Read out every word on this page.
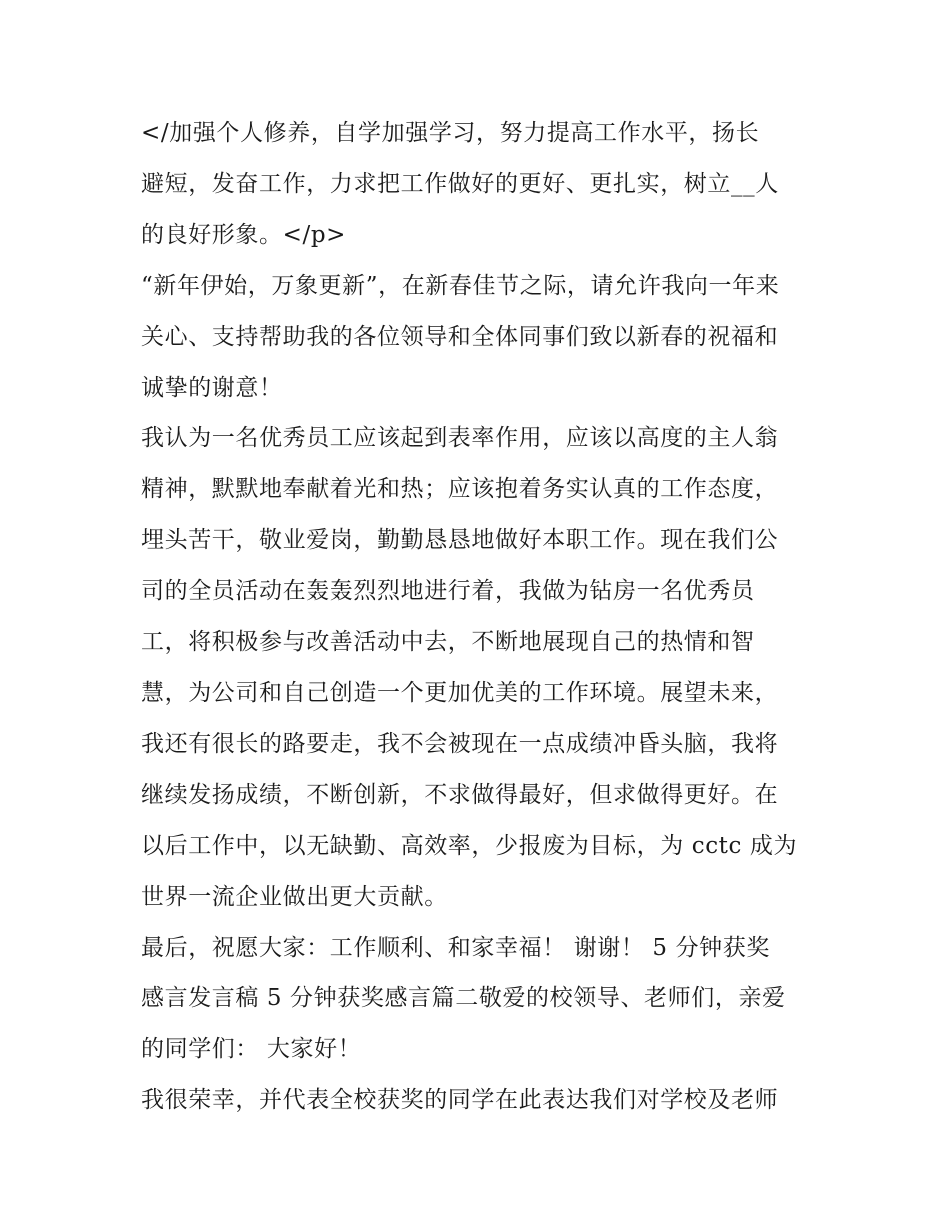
</加强个人修养，自学加强学习，努力提高工作水平，扬长
避短，发奋工作，力求把工作做好的更好、更扎实，树立__人
的良好形象。</p>

“新年伊始，万象更新”，在新春佳节之际，请允许我向一年来
关心、支持帮助我的各位领导和全体同事们致以新春的祝福和
诚挚的谢意！

我认为一名优秀员工应该起到表率作用，应该以高度的主人翁
精神，默默地奉献着光和热；应该抱着务实认真的工作态度，
埋头苦干，敬业爱岗，勤勤恳恳地做好本职工作。现在我们公
司的全员活动在轰轰烈烈地进行着，我做为钻房一名优秀员
工，将积极参与改善活动中去，不断地展现自己的热情和智
慧，为公司和自己创造一个更加优美的工作环境。展望未来，
我还有很长的路要走，我不会被现在一点成绩冲昏头脑，我将
继续发扬成绩，不断创新，不求做得最好，但求做得更好。在
以后工作中，以无缺勤、高效率，少报废为目标，为 cctc 成为
世界一流企业做出更大贡献。

最后，祝愿大家：工作顺利、和家幸福！ 谢谢！ 5 分钟获奖
感言发言稿 5 分钟获奖感言篇二敬爱的校领导、老师们，亲爱
的同学们： 大家好！

我很荣幸，并代表全校获奖的同学在此表达我们对学校及老师
